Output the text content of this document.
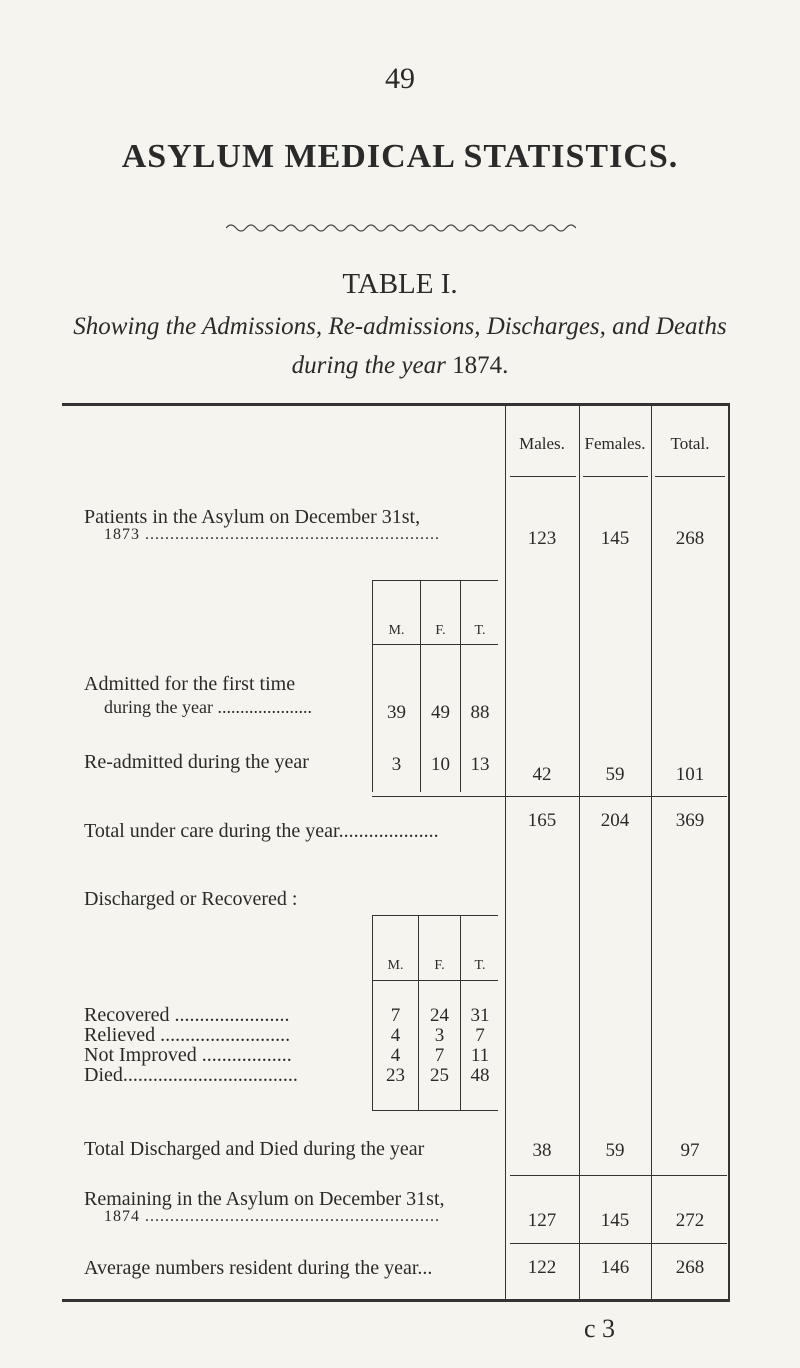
49
ASYLUM MEDICAL STATISTICS.
TABLE I.
Showing the Admissions, Re-admissions, Discharges, and Deaths
during the year 1874.
Males.	Females.	Total.
Patients in the Asylum on December 31st,
1873 ...........................................................	123	145	268
M.	F.	T.
Admitted for the first time
during the year .....................	39	49	88
Re-admitted during the year	3	10	13	42	59	101
Total under care during the year....................	165	204	369
Discharged or Recovered :
M.	F.	T.
Recovered .......................	7	24	31
Relieved ..........................	4	3	7
Not Improved ..................	4	7	11
Died...................................	23	25	48
Total Discharged and Died during the year	38	59	97
Remaining in the Asylum on December 31st,
1874 ...........................................................	127	145	272
Average numbers resident during the year...	122	146	268
c 3
